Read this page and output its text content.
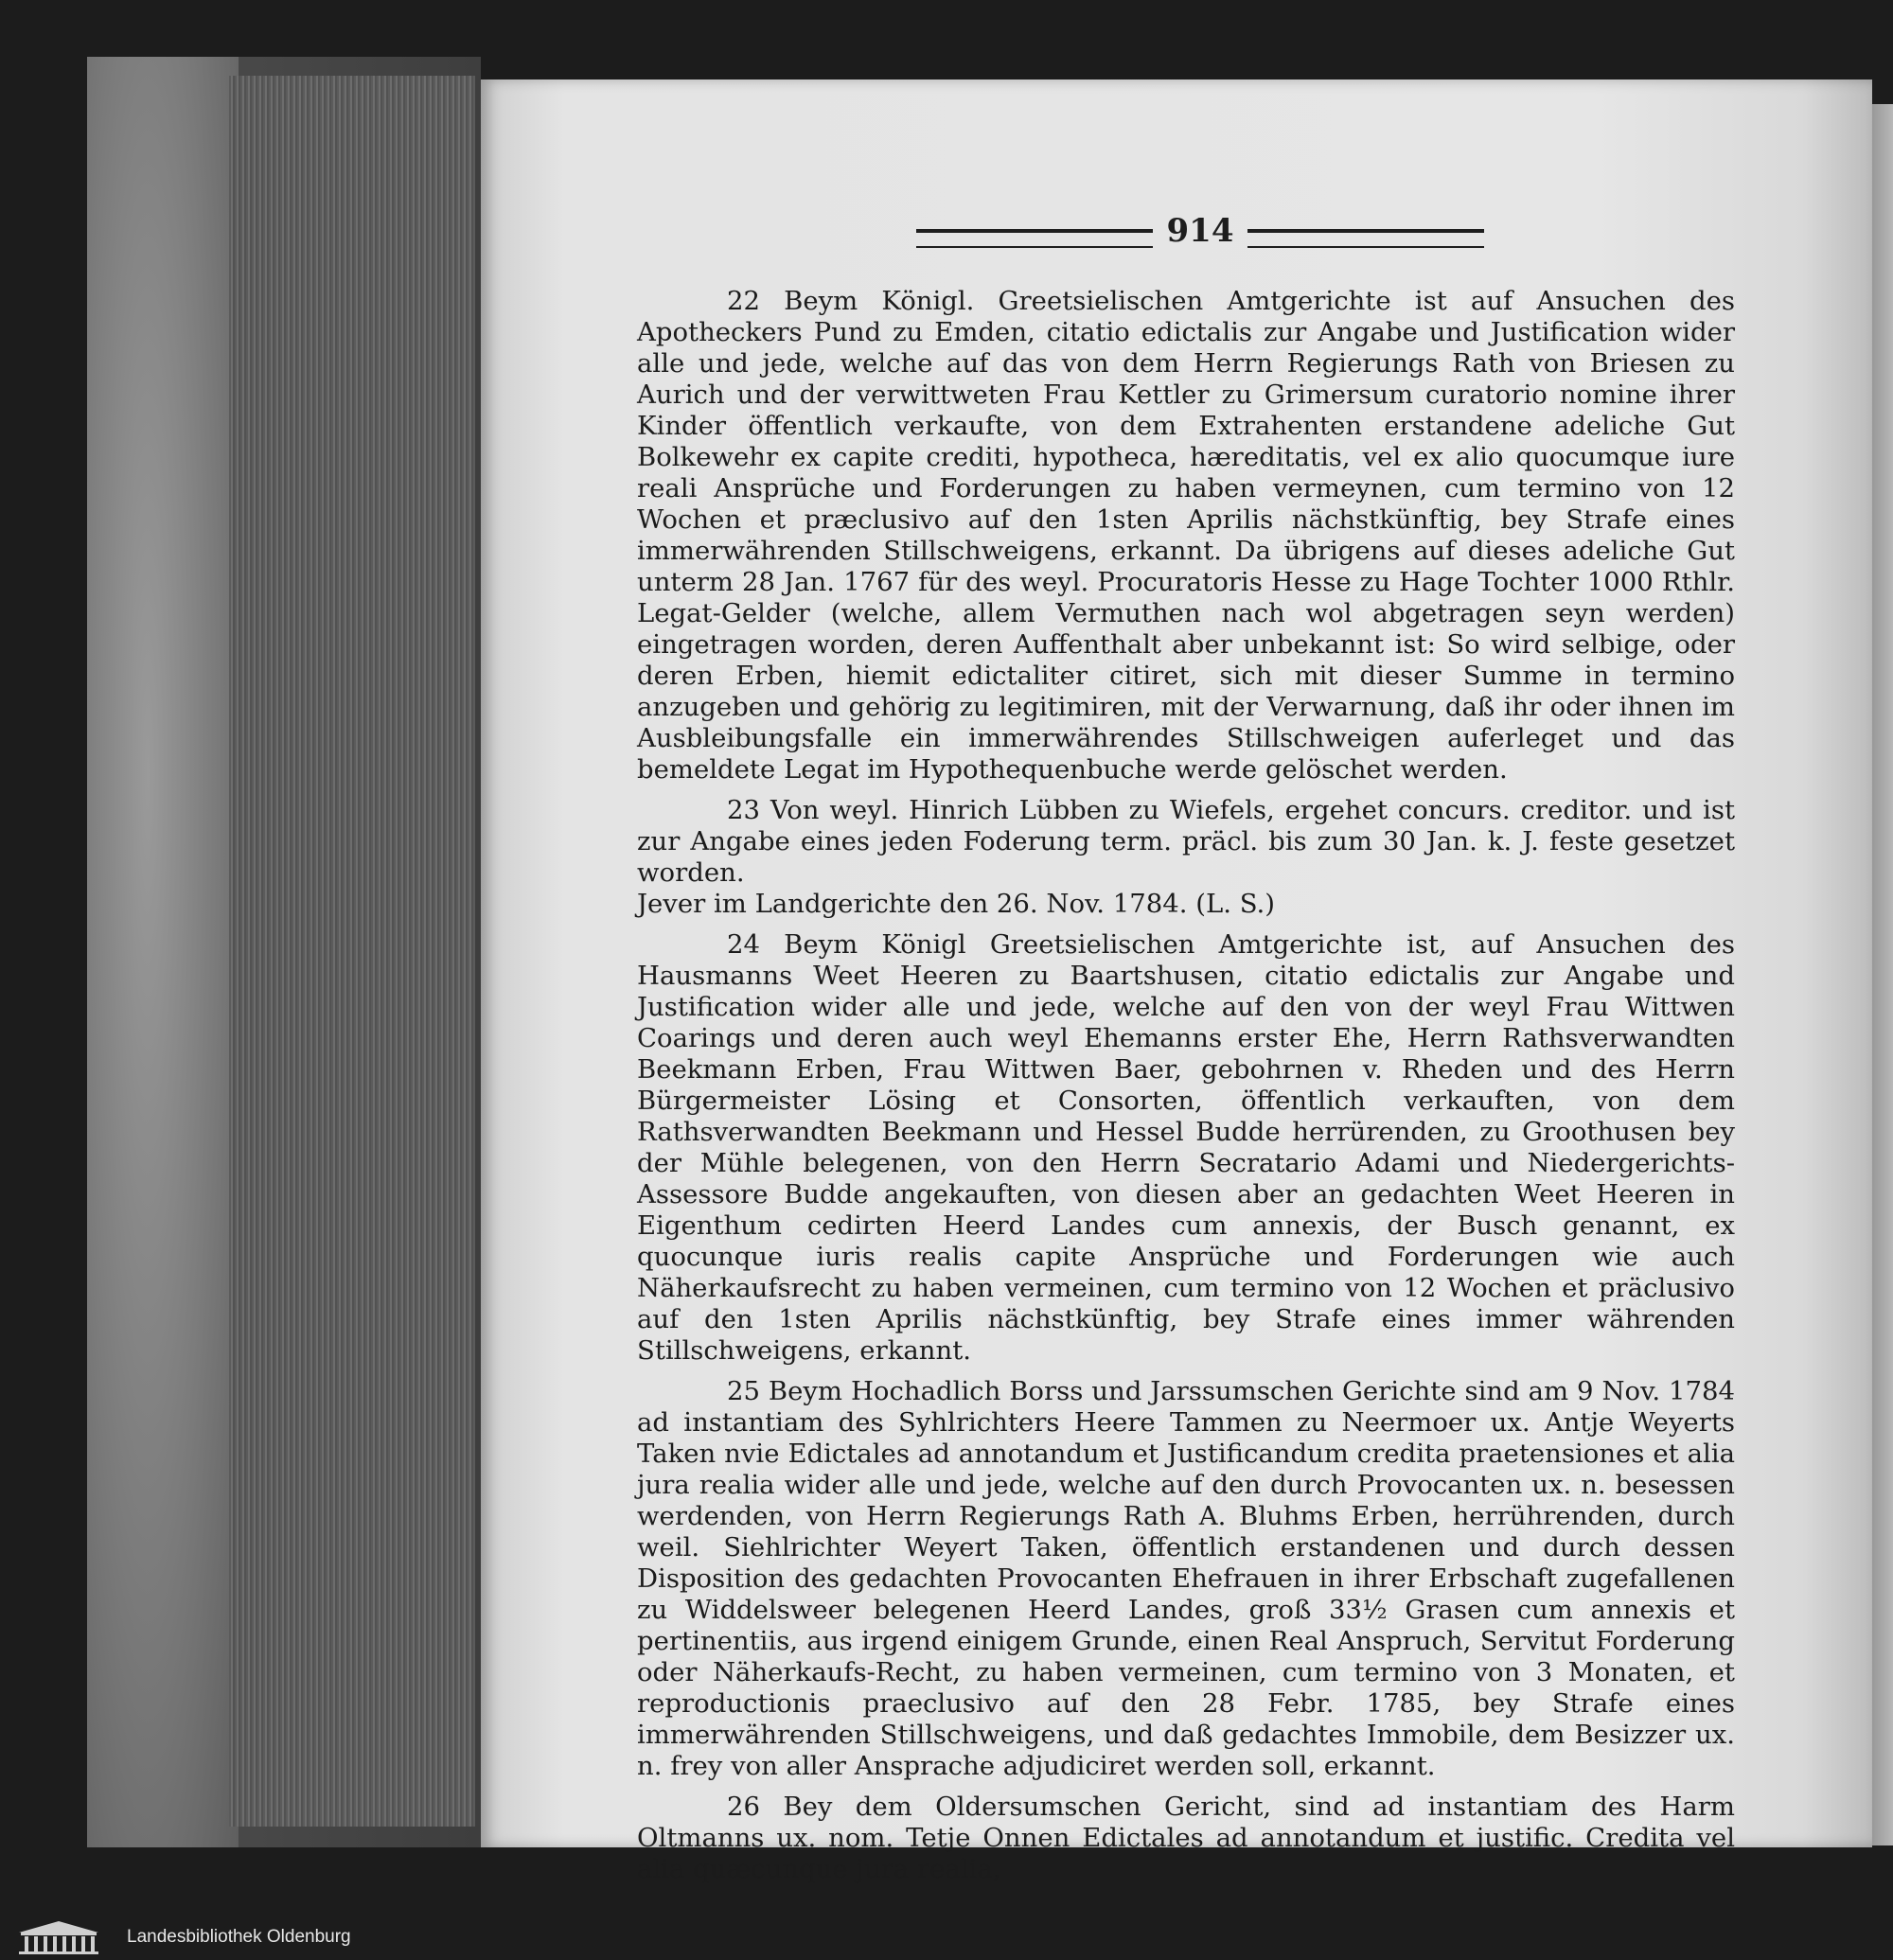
914

22 Beym Königl. Greetsielischen Amtgerichte ist auf Ansuchen des Apotheckers Pund zu Emden, citatio edictalis zur Angabe und Justification wider alle und jede, welche auf das von dem Herrn Regierungs Rath von Briesen zu Aurich und der verwittweten Frau Kettler zu Grimersum curatorio nomine ihrer Kinder öffentlich verkaufte, von dem Extrahenten erstandene adeliche Gut Bolkewehr ex capite crediti, hypotheca, hæreditatis, vel ex alio quocumque iure reali Ansprüche und Forderungen zu haben vermeynen, cum termino von 12 Wochen et præclusivo auf den 1sten Aprilis nächstkünftig, bey Strafe eines immerwährenden Stillschweigens, erkannt. Da übrigens auf dieses adeliche Gut unterm 28 Jan. 1767 für des weyl. Procuratoris Hesse zu Hage Tochter 1000 Rthlr. Legat-Gelder (welche, allem Vermuthen nach wol abgetragen seyn werden) eingetragen worden, deren Auffenthalt aber unbekannt ist: So wird selbige, oder deren Erben, hiemit edictaliter citiret, sich mit dieser Summe in termino anzugeben und gehörig zu legitimiren, mit der Verwarnung, daß ihr oder ihnen im Ausbleibungsfalle ein immerwährendes Stillschweigen auferleget und das bemeldete Legat im Hypothequenbuche werde gelöschet werden.

23 Von weyl. Hinrich Lübben zu Wiefels, ergehet concurs. creditor. und ist zur Angabe eines jeden Foderung term. präcl. bis zum 30 Jan. k. J. feste gesetzet worden.

Jever im Landgerichte den 26. Nov. 1784. (L. S.)

24 Beym Königl Greetsielischen Amtgerichte ist, auf Ansuchen des Hausmanns Weet Heeren zu Baartshusen, citatio edictalis zur Angabe und Justification wider alle und jede, welche auf den von der weyl Frau Wittwen Coarings und deren auch weyl Ehemanns erster Ehe, Herrn Rathsverwandten Beekmann Erben, Frau Wittwen Baer, gebohrnen v. Rheden und des Herrn Bürgermeister Lösing et Consorten, öffentlich verkauften, von dem Rathsverwandten Beekmann und Hessel Budde herrürenden, zu Groothusen bey der Mühle belegenen, von den Herrn Secratario Adami und Niedergerichts-Assessore Budde angekauften, von diesen aber an gedachten Weet Heeren in Eigenthum cedirten Heerd Landes cum annexis, der Busch genannt, ex quocunque iuris realis capite Ansprüche und Forderungen wie auch Näherkaufsrecht zu haben vermeinen, cum termino von 12 Wochen et präclusivo auf den 1sten Aprilis nächstkünftig, bey Strafe eines immer währenden Stillschweigens, erkannt.

25 Beym Hochadlich Borss und Jarssumschen Gerichte sind am 9 Nov. 1784 ad instantiam des Syhlrichters Heere Tammen zu Neermoer ux. Antje Weyerts Taken nvie Edictales ad annotandum et Justificandum credita praetensiones et alia jura realia wider alle und jede, welche auf den durch Provocanten ux. n. besessen werdenden, von Herrn Regierungs Rath A. Bluhms Erben, herrührenden, durch weil. Siehlrichter Weyert Taken, öffentlich erstandenen und durch dessen Disposition des gedachten Provocanten Ehefrauen in ihrer Erbschaft zugefallenen zu Widdelsweer belegenen Heerd Landes, groß 33½ Grasen cum annexis et pertinentiis, aus irgend einigem Grunde, einen Real Anspruch, Servitut Forderung oder Näherkaufs-Recht, zu haben vermeinen, cum termino von 3 Monaten, et reproductionis praeclusivo auf den 28 Febr. 1785, bey Strafe eines immerwährenden Stillschweigens, und daß gedachtes Immobile, dem Besizzer ux. n. frey von aller Ansprache adjudiciret werden soll, erkannt.

26 Bey dem Oldersumschen Gericht, sind ad instantiam des Harm Oltmanns ux. nom. Tetje Onnen Edictales ad annotandum et justific. Credita vel alia quæcunque jura realia,

Landesbibliothek Oldenburg
